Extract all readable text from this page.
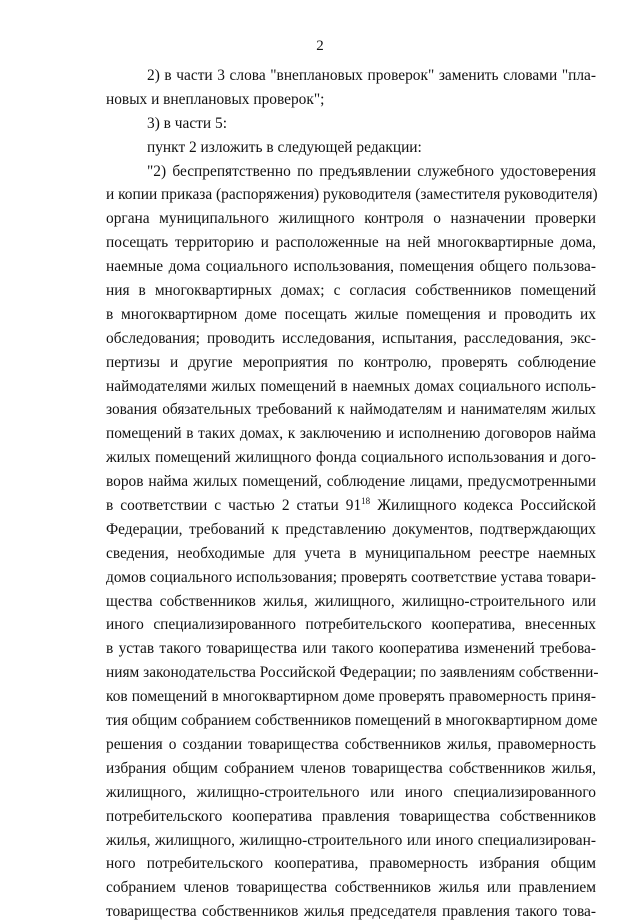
2
2) в части 3 слова "внеплановых проверок" заменить словами "пла-
новых и внеплановых проверок";
3) в части 5:
пункт 2 изложить в следующей редакции:
"2) беспрепятственно по предъявлении служебного удостоверения
и копии приказа (распоряжения) руководителя (заместителя руководителя)
органа муниципального жилищного контроля о назначении проверки
посещать территорию и расположенные на ней многоквартирные дома,
наемные дома социального использования, помещения общего пользова-
ния в многоквартирных домах; с согласия собственников помещений
в многоквартирном доме посещать жилые помещения и проводить их
обследования; проводить исследования, испытания, расследования, экс-
пертизы и другие мероприятия по контролю, проверять соблюдение
наймодателями жилых помещений в наемных домах социального исполь-
зования обязательных требований к наймодателям и нанимателям жилых
помещений в таких домах, к заключению и исполнению договоров найма
жилых помещений жилищного фонда социального использования и дого-
воров найма жилых помещений, соблюдение лицами, предусмотренными
в соответствии с частью 2 статьи $91^{18}$ Жилищного кодекса Российской
Федерации, требований к представлению документов, подтверждающих
сведения, необходимые для учета в муниципальном реестре наемных
домов социального использования; проверять соответствие устава товари-
щества собственников жилья, жилищного, жилищно-строительного или
иного специализированного потребительского кооператива, внесенных
в устав такого товарищества или такого кооператива изменений требова-
ниям законодательства Российской Федерации; по заявлениям собственни-
ков помещений в многоквартирном доме проверять правомерность приня-
тия общим собранием собственников помещений в многоквартирном доме
решения о создании товарищества собственников жилья, правомерность
избрания общим собранием членов товарищества собственников жилья,
жилищного, жилищно-строительного или иного специализированного
потребительского кооператива правления товарищества собственников
жилья, жилищного, жилищно-строительного или иного специализирован-
ного потребительского кооператива, правомерность избрания общим
собранием членов товарищества собственников жилья или правлением
товарищества собственников жилья председателя правления такого това-
